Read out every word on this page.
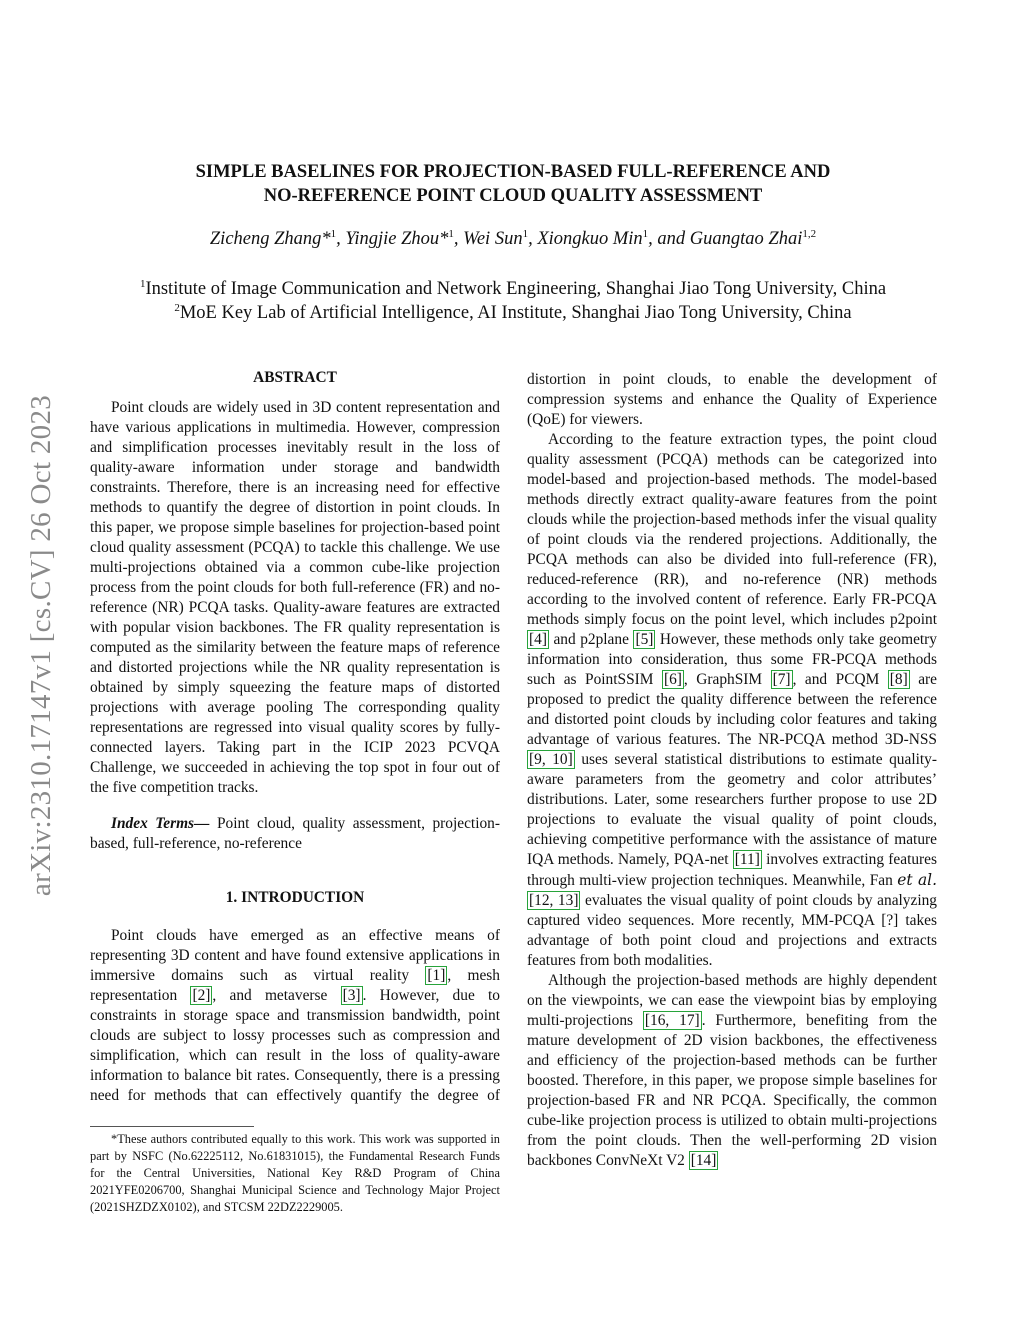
arXiv:2310.17147v1 [cs.CV] 26 Oct 2023
SIMPLE BASELINES FOR PROJECTION-BASED FULL-REFERENCE AND
NO-REFERENCE POINT CLOUD QUALITY ASSESSMENT
Zicheng Zhang*$^1$, Yingjie Zhou*$^1$, Wei Sun$^1$, Xiongkuo Min$^1$, and Guangtao Zhai$^{1,2}$
$^1$Institute of Image Communication and Network Engineering, Shanghai Jiao Tong University, China
$^2$MoE Key Lab of Artificial Intelligence, AI Institute, Shanghai Jiao Tong University, China
ABSTRACT

Point clouds are widely used in 3D content representation and have various applications in multimedia. However, compression and simplification processes inevitably result in the loss of quality-aware information under storage and bandwidth constraints. Therefore, there is an increasing need for effective methods to quantify the degree of distortion in point clouds. In this paper, we propose simple baselines for projection-based point cloud quality assessment (PCQA) to tackle this challenge. We use multi-projections obtained via a common cube-like projection process from the point clouds for both full-reference (FR) and no-reference (NR) PCQA tasks. Quality-aware features are extracted with popular vision backbones. The FR quality representation is computed as the similarity between the feature maps of reference and distorted projections while the NR quality representation is obtained by simply squeezing the feature maps of distorted projections with average pooling The corresponding quality representations are regressed into visual quality scores by fully-connected layers. Taking part in the ICIP 2023 PCVQA Challenge, we succeeded in achieving the top spot in four out of the five competition tracks.

Index Terms— Point cloud, quality assessment, projection-based, full-reference, no-reference

1. INTRODUCTION

Point clouds have emerged as an effective means of representing 3D content and have found extensive applications in immersive domains such as virtual reality [1] , mesh representation [2] , and metaverse [3] . However, due to constraints in storage space and transmission bandwidth, point clouds are subject to lossy processes such as compression and simplification, which can result in the loss of quality-aware information to balance bit rates. Consequently, there is a pressing need for methods that can effectively quantify the degree of

distortion in point clouds, to enable the development of compression systems and enhance the Quality of Experience (QoE) for viewers.

According to the feature extraction types, the point cloud quality assessment (PCQA) methods can be categorized into model-based and projection-based methods. The model-based methods directly extract quality-aware features from the point clouds while the projection-based methods infer the visual quality of point clouds via the rendered projections. Additionally, the PCQA methods can also be divided into full-reference (FR), reduced-reference (RR), and no-reference (NR) methods according to the involved content of reference. Early FR-PCQA methods simply focus on the point level, which includes p2point [4] and p2plane [5] However, these methods only take geometry information into consideration, thus some FR-PCQA methods such as PointSSIM [6] , GraphSIM [7] , and PCQM [8] are proposed to predict the quality difference between the reference and distorted point clouds by including color features and taking advantage of various features. The NR-PCQA method 3D-NSS [9, 10] uses several statistical distributions to estimate quality-aware parameters from the geometry and color attributes’ distributions. Later, some researchers further propose to use 2D projections to evaluate the visual quality of point clouds, achieving competitive performance with the assistance of mature IQA methods. Namely, PQA-net [11] involves extracting features through multi-view projection techniques. Meanwhile, Fan et al. [12, 13] evaluates the visual quality of point clouds by analyzing captured video sequences. More recently, MM-PCQA [?] takes advantage of both point cloud and projections and extracts features from both modalities.

Although the projection-based methods are highly dependent on the viewpoints, we can ease the viewpoint bias by employing multi-projections [16, 17] . Furthermore, benefiting from the mature development of 2D vision backbones, the effectiveness and efficiency of the projection-based methods can be further boosted. Therefore, in this paper, we propose simple baselines for projection-based FR and NR PCQA. Specifically, the common cube-like projection process is utilized to obtain multi-projections from the point clouds. Then the well-performing 2D vision backbones ConvNeXt V2 [14]

*These authors contributed equally to this work. This work was supported in part by NSFC (No.62225112, No.61831015), the Fundamental Research Funds for the Central Universities, National Key R&D Program of China 2021YFE0206700, Shanghai Municipal Science and Technology Major Project (2021SHZDZX0102), and STCSM 22DZ2229005.
